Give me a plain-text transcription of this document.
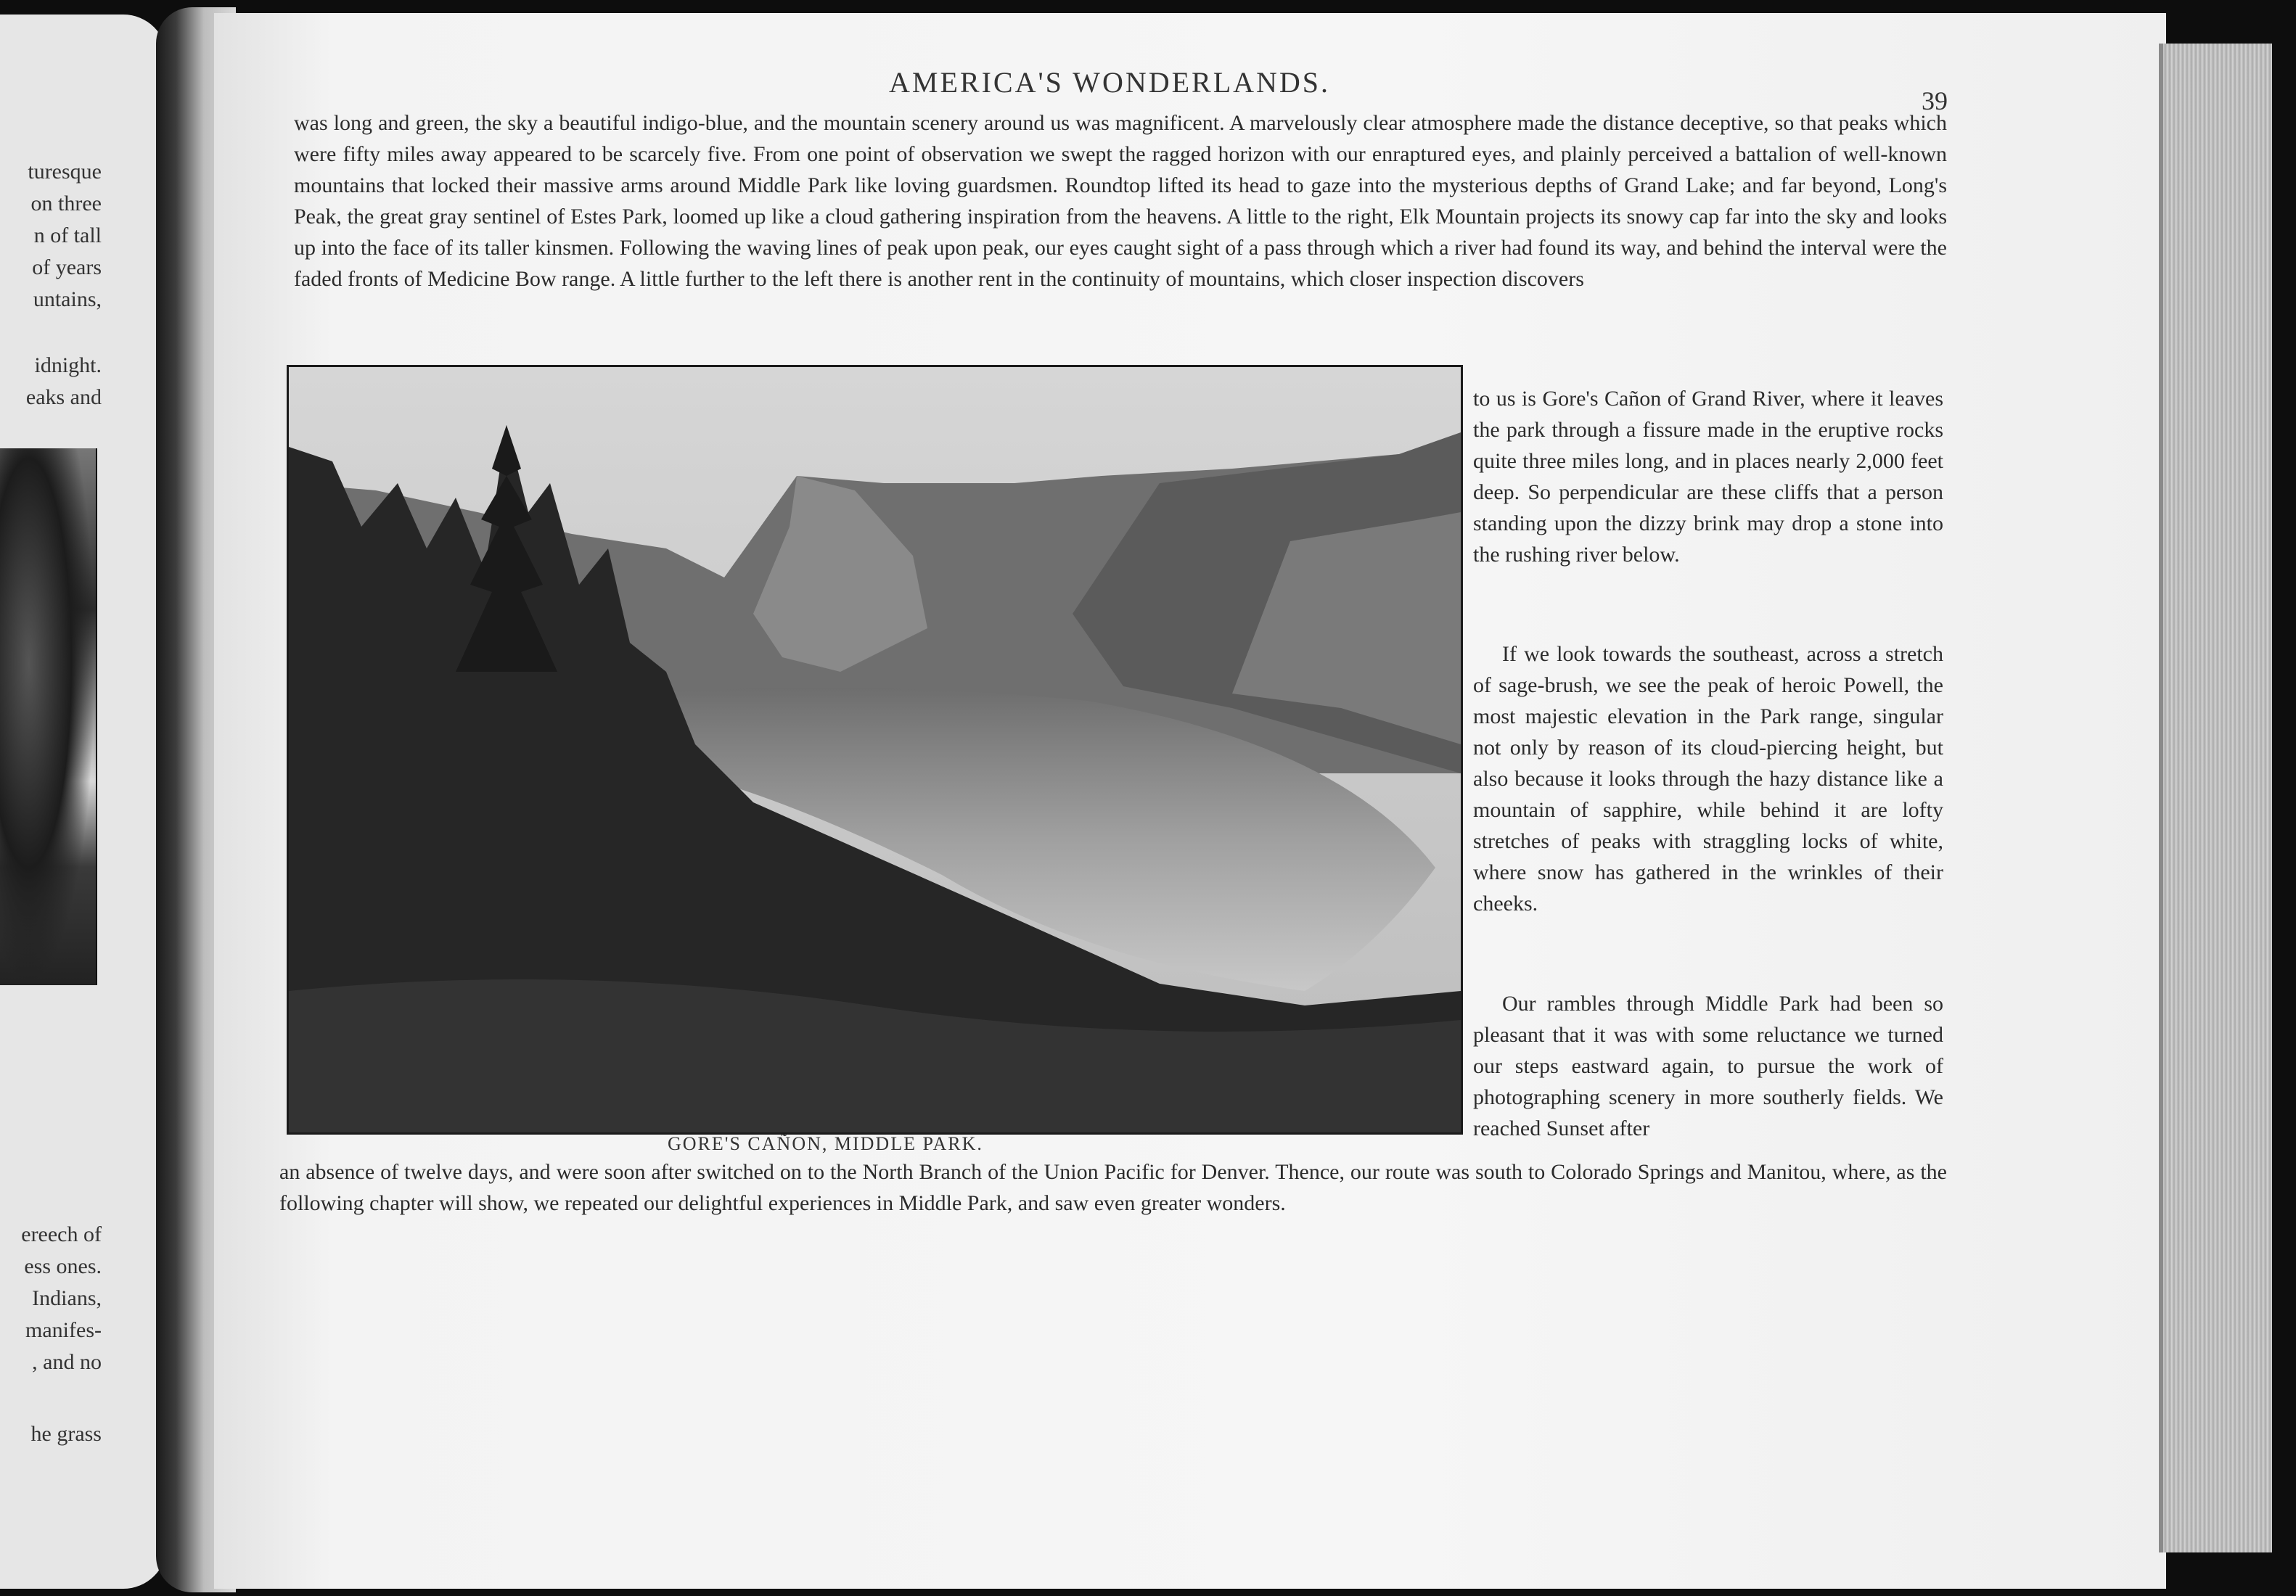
turesque
on three
n of tall
of years
untains,
idnight.
eaks and
ereech of
ess ones.
Indians,
manifes-
, and no
he grass
AMERICA'S WONDERLANDS.
39

was long and green, the sky a beautiful indigo-blue, and the mountain scenery around us was magnificent. A marvelously clear atmosphere made the distance deceptive, so that peaks which were fifty miles away appeared to be scarcely five. From one point of observation we swept the ragged horizon with our enraptured eyes, and plainly perceived a battalion of well-known mountains that locked their massive arms around Middle Park like loving guardsmen. Roundtop lifted its head to gaze into the mysterious depths of Grand Lake; and far beyond, Long's Peak, the great gray sentinel of Estes Park, loomed up like a cloud gathering inspiration from the heavens. A little to the right, Elk Mountain projects its snowy cap far into the sky and looks up into the face of its taller kinsmen. Following the waving lines of peak upon peak, our eyes caught sight of a pass through which a river had found its way, and behind the interval were the faded fronts of Medicine Bow range. A little further to the left there is another rent in the continuity of mountains, which closer inspection discovers

GORE'S CAÑON, MIDDLE PARK.

to us is Gore's Cañon of Grand River, where it leaves the park through a fissure made in the eruptive rocks quite three miles long, and in places nearly 2,000 feet deep. So perpendicular are these cliffs that a person standing upon the dizzy brink may drop a stone into the rushing river below.

If we look towards the southeast, across a stretch of sage-brush, we see the peak of heroic Powell, the most majestic elevation in the Park range, singular not only by reason of its cloud-piercing height, but also because it looks through the hazy distance like a mountain of sapphire, while behind it are lofty stretches of peaks with straggling locks of white, where snow has gathered in the wrinkles of their cheeks.

Our rambles through Middle Park had been so pleasant that it was with some reluctance we turned our steps eastward again, to pursue the work of photographing scenery in more southerly fields. We reached Sunset after

an absence of twelve days, and were soon after switched on to the North Branch of the Union Pacific for Denver. Thence, our route was south to Colorado Springs and Manitou, where, as the following chapter will show, we repeated our delightful experiences in Middle Park, and saw even greater wonders.
